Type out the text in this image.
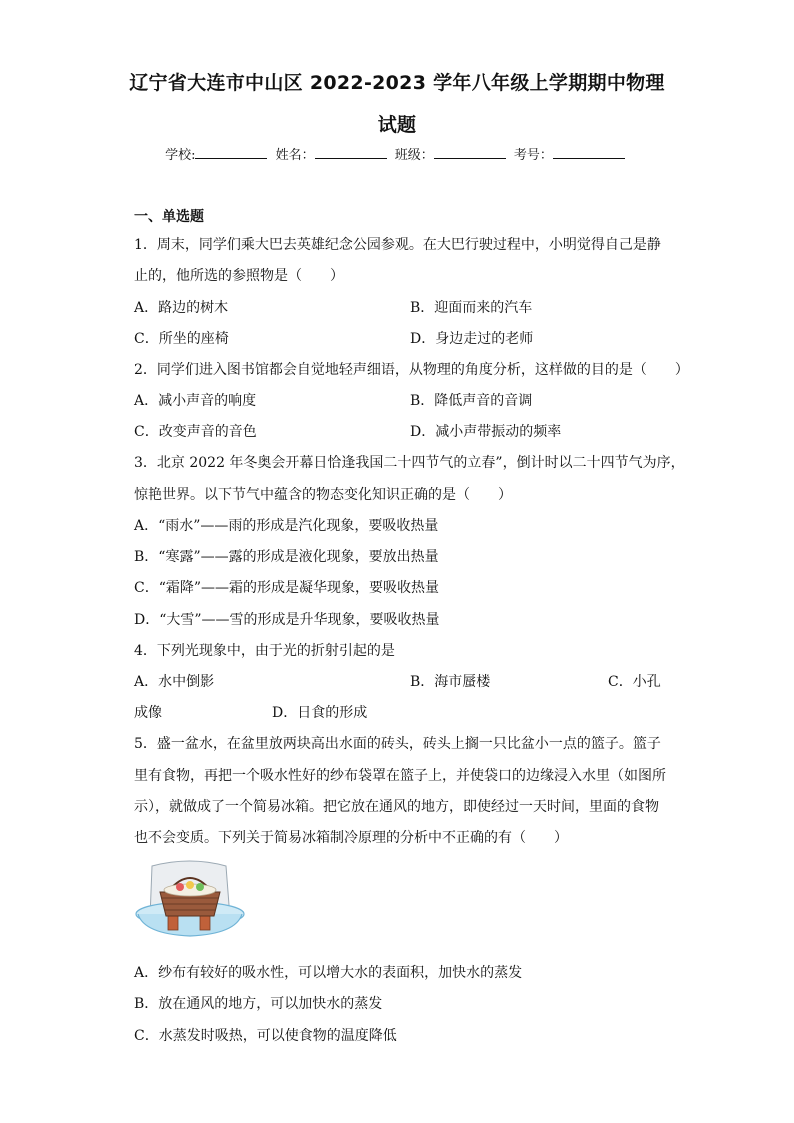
辽宁省大连市中山区 2022-2023 学年八年级上学期期中物理
试题
学校:	姓名：	班级：	考号：
一、单选题
1．周末，同学们乘大巴去英雄纪念公园参观。在大巴行驶过程中，小明觉得自己是静
止的，他所选的参照物是（　　）
A．路边的树木	B．迎面而来的汽车
C．所坐的座椅	D．身边走过的老师
2．同学们进入图书馆都会自觉地轻声细语，从物理的角度分析，这样做的目的是（　　）
A．减小声音的响度	B．降低声音的音调
C．改变声音的音色	D．减小声带振动的频率
3．北京 2022 年冬奥会开幕日恰逢我国二十四节气的立春”，倒计时以二十四节气为序，
惊艳世界。以下节气中蕴含的物态变化知识正确的是（　　）
A．“雨水”——雨的形成是汽化现象，要吸收热量
B．“寒露”——露的形成是液化现象，要放出热量
C．“霜降”——霜的形成是凝华现象，要吸收热量
D．“大雪”——雪的形成是升华现象，要吸收热量
4．下列光现象中，由于光的折射引起的是
A．水中倒影	B．海市蜃楼	C．小孔
成像	D．日食的形成
5．盛一盆水，在盆里放两块高出水面的砖头，砖头上搁一只比盆小一点的篮子。篮子
里有食物，再把一个吸水性好的纱布袋罩在篮子上，并使袋口的边缘浸入水里（如图所
示），就做成了一个简易冰箱。把它放在通风的地方，即使经过一天时间，里面的食物
也不会变质。下列关于简易冰箱制冷原理的分析中不正确的有（　　）
A．纱布有较好的吸水性，可以增大水的表面积，加快水的蒸发
B．放在通风的地方，可以加快水的蒸发
C．水蒸发时吸热，可以使食物的温度降低
